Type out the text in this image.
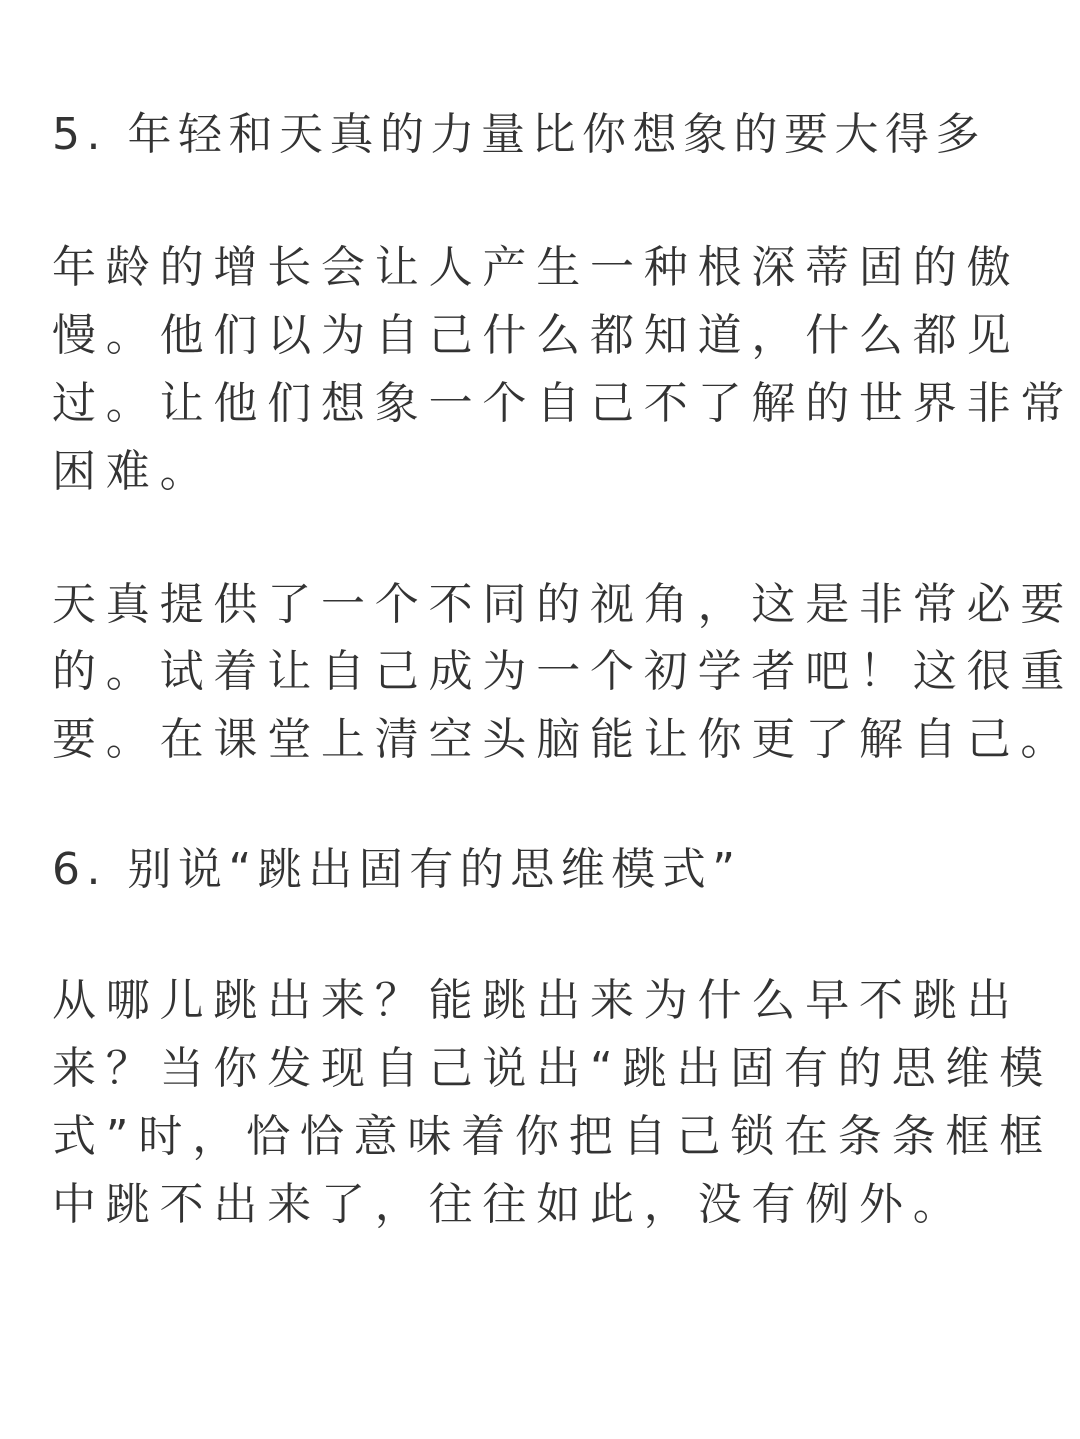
5. 年轻和天真的力量比你想象的要大得多
年龄的增长会让人产生一种根深蒂固的傲
慢。他们以为自己什么都知道，什么都见
过。让他们想象一个自己不了解的世界非常
困难。
天真提供了一个不同的视角，这是非常必要
的。试着让自己成为一个初学者吧！这很重
要。在课堂上清空头脑能让你更了解自己。
6. 别说“跳出固有的思维模式”
从哪儿跳出来？能跳出来为什么早不跳出
来？当你发现自己说出“跳出固有的思维模
式”时，恰恰意味着你把自己锁在条条框框
中跳不出来了，往往如此，没有例外。
